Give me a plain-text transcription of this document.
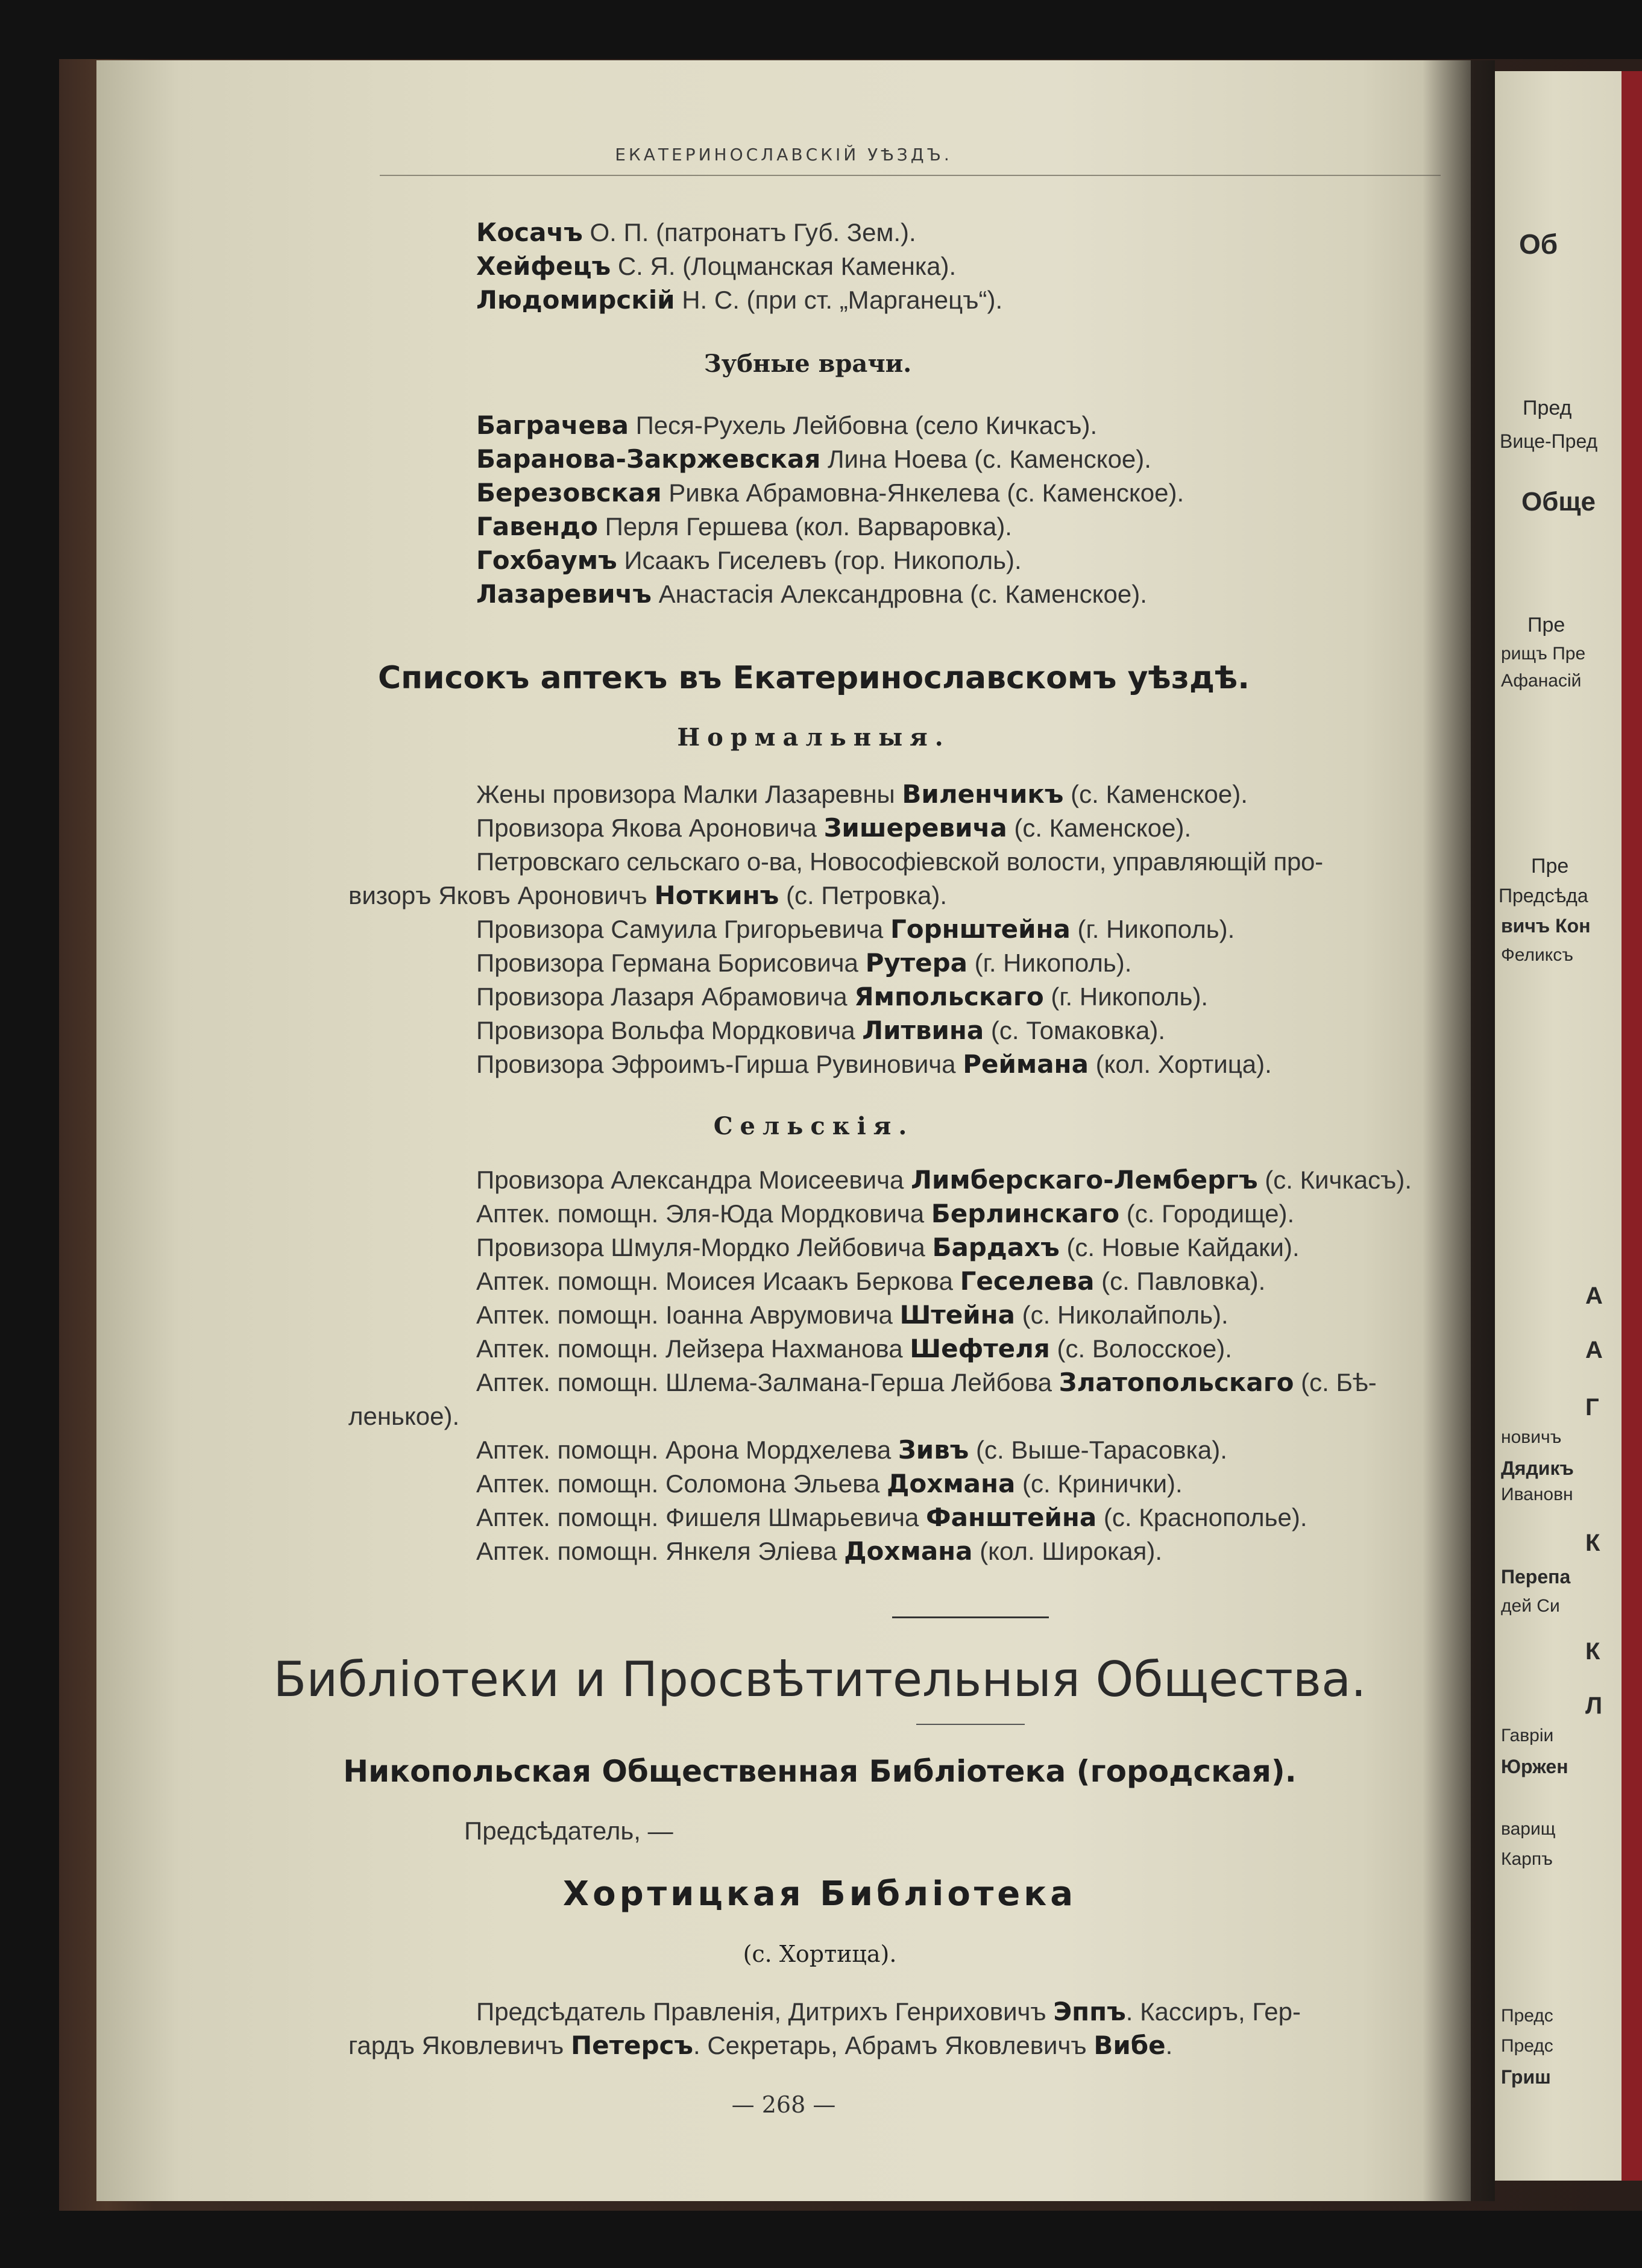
ЕКАТЕРИНОСЛАВСКІЙ УѢЗДЪ.
Косачъ О. П. (патронатъ Губ. Зем.).
Хейфецъ С. Я. (Лоцманская Каменка).
Людомирскій Н. С. (при ст. „Марганецъ“).
Зубные врачи.
Баграчева Песя-Рухель Лейбовна (село Кичкасъ).
Баранова-Закржевская Лина Ноева (с. Каменское).
Березовская Ривка Абрамовна-Янкелева (с. Каменское).
Гавендо Перля Гершева (кол. Варваровка).
Гохбаумъ Исаакъ Гиселевъ (гор. Никополь).
Лазаревичъ Анастасія Александровна (с. Каменское).
Списокъ аптекъ въ Екатеринославскомъ уѣздѣ.
Нормальныя.
Жены провизора Малки Лазаревны Виленчикъ (с. Каменское).
Провизора Якова Ароновича Зишеревича (с. Каменское).
Петровскаго сельскаго о-ва, Новософіевской волости, управляющій про-
визоръ Яковъ Ароновичъ Ноткинъ (с. Петровка).
Провизора Самуила Григорьевича Горнштейна (г. Никополь).
Провизора Германа Борисовича Рутера (г. Никополь).
Провизора Лазаря Абрамовича Ямпольскаго (г. Никополь).
Провизора Вольфа Мордковича Литвина (с. Томаковка).
Провизора Эфроимъ-Гирша Рувиновича Реймана (кол. Хортица).
Сельскія.
Провизора Александра Моисеевича Лимберскаго-Лембергъ (с. Кичкасъ).
Аптек. помощн. Эля-Юда Мордковича Берлинскаго (с. Городище).
Провизора Шмуля-Мордко Лейбовича Бардахъ (с. Новые Кайдаки).
Аптек. помощн. Моисея Исаакъ Беркова Геселева (с. Павловка).
Аптек. помощн. Іоанна Аврумовича Штейна (с. Николайполь).
Аптек. помощн. Лейзера Нахманова Шефтеля (с. Волосское).
Аптек. помощн. Шлема-Залмана-Герша Лейбова Златопольскаго (с. Бѣ-
ленькое).
Аптек. помощн. Арона Мордхелева Зивъ (с. Выше-Тарасовка).
Аптек. помощн. Соломона Эльева Дохмана (с. Кринички).
Аптек. помощн. Фишеля Шмарьевича Фанштейна (с. Краснополье).
Аптек. помощн. Янкеля Эліева Дохмана (кол. Широкая).
Библіотеки и Просвѣтительныя Общества.
Никопольская Общественная Библіотека (городская).
Предсѣдатель, —
Хортицкая Библіотека
(с. Хортица).
Предсѣдатель Правленія, Дитрихъ Генриховичъ Эппъ. Кассиръ, Гер-
гардъ Яковлевичъ Петерсъ. Секретарь, Абрамъ Яковлевичъ Вибе.
— 268 —
Об
Пред
Вице-Пред
Обще
Пре
рищъ Пре
Афанасій
Пре
Предсѣда
вичъ Кон
Феликсъ
А
А
Г
новичъ
Дядикъ
Ивановн
К
Перепа
дей Си
К
Л
Гавріи
Юржен
варищ
Карпъ
Предс
Предс
Гриш
